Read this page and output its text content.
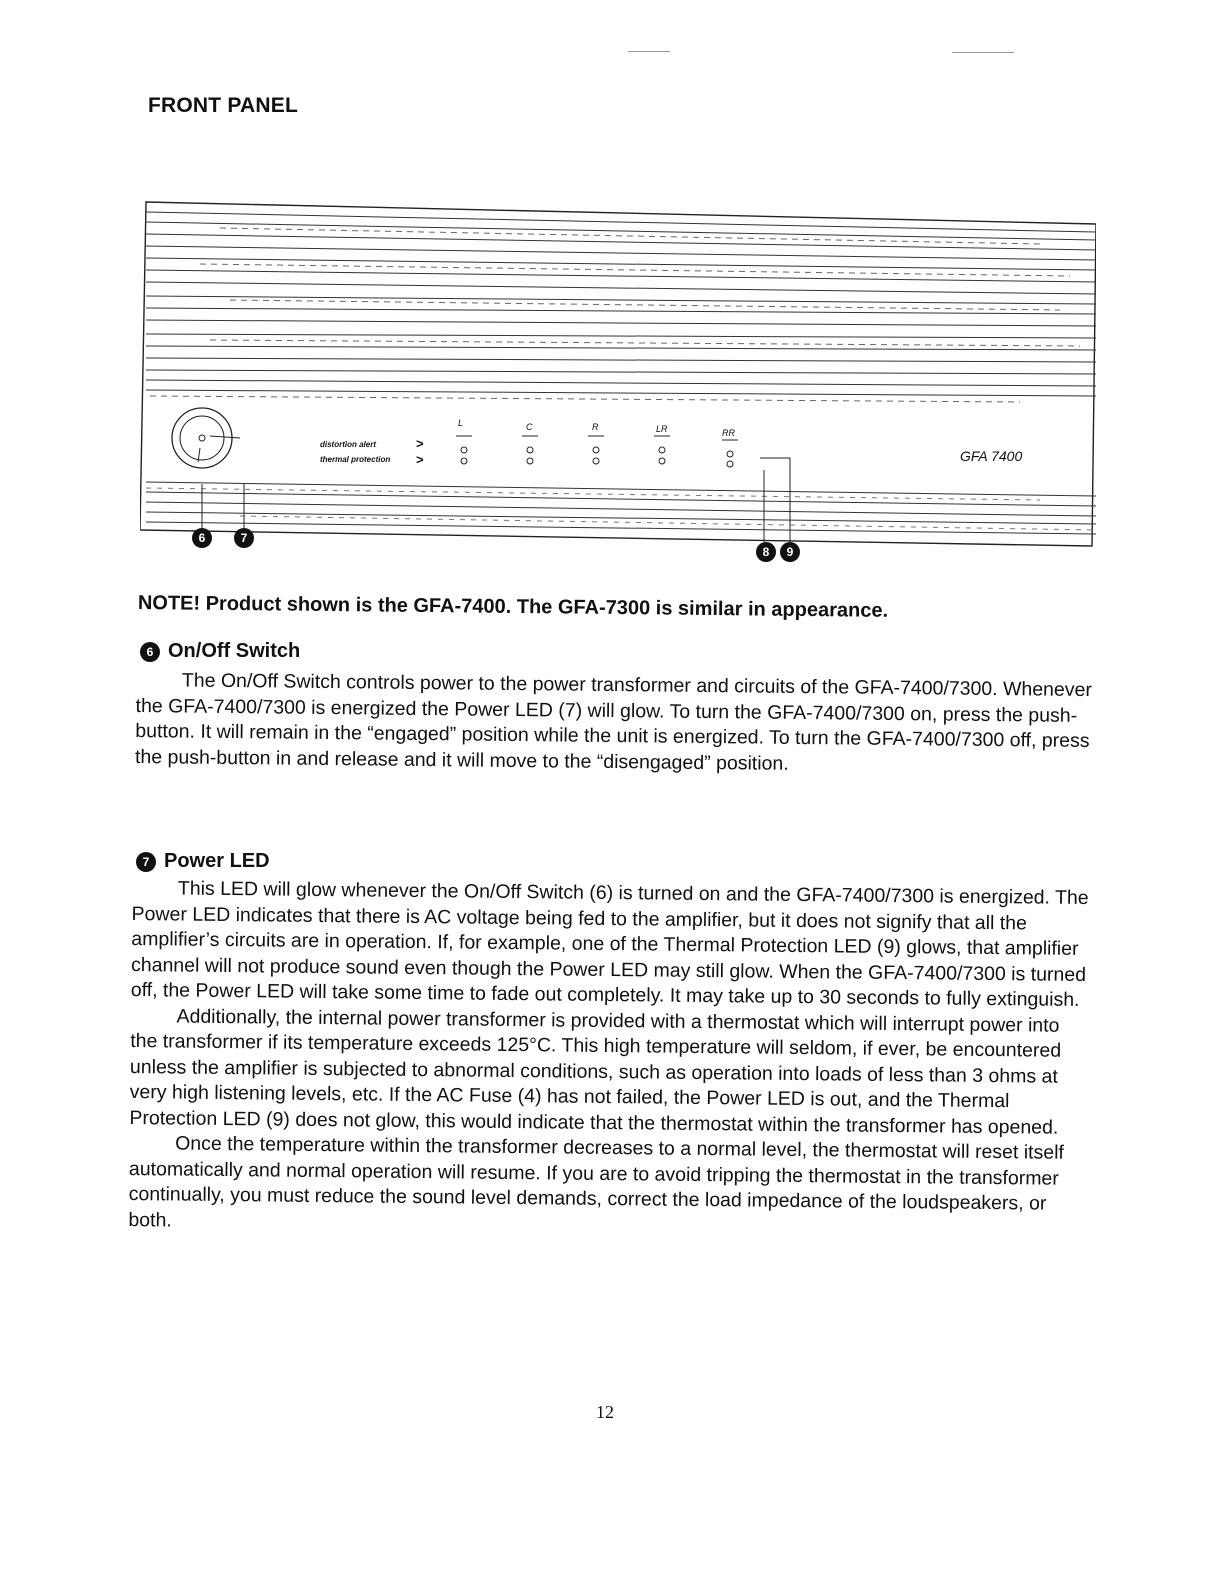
FRONT PANEL
L	C	R	LR	RR
distortion alert
thermal protection
>
>	GFA 7400
6	7
8	9
NOTE! Product shown is the GFA-7400. The GFA-7300 is similar in appearance.
6 On/Off Switch

The On/Off Switch controls power to the power transformer and circuits of the GFA-7400/7300. Whenever the GFA-7400/7300 is energized the Power LED (7) will glow. To turn the GFA-7400/7300 on, press the push-button. It will remain in the “engaged” position while the unit is energized. To turn the GFA-7400/7300 off, press the push-button in and release and it will move to the “disengaged” position.

7 Power LED

This LED will glow whenever the On/Off Switch (6) is turned on and the GFA-7400/7300 is energized. The Power LED indicates that there is AC voltage being fed to the amplifier, but it does not signify that all the amplifier’s circuits are in operation. If, for example, one of the Thermal Protection LED (9) glows, that amplifier channel will not produce sound even though the Power LED may still glow. When the GFA-7400/7300 is turned off, the Power LED will take some time to fade out completely. It may take up to 30 seconds to fully extinguish.

Additionally, the internal power transformer is provided with a thermostat which will interrupt power into the transformer if its temperature exceeds 125°C. This high temperature will seldom, if ever, be encountered unless the amplifier is subjected to abnormal conditions, such as operation into loads of less than 3 ohms at very high listening levels, etc. If the AC Fuse (4) has not failed, the Power LED is out, and the Thermal Protection LED (9) does not glow, this would indicate that the thermostat within the transformer has opened.

Once the temperature within the transformer decreases to a normal level, the thermostat will reset itself automatically and normal operation will resume. If you are to avoid tripping the thermostat in the transformer continually, you must reduce the sound level demands, correct the load impedance of the loudspeakers, or both.

12
